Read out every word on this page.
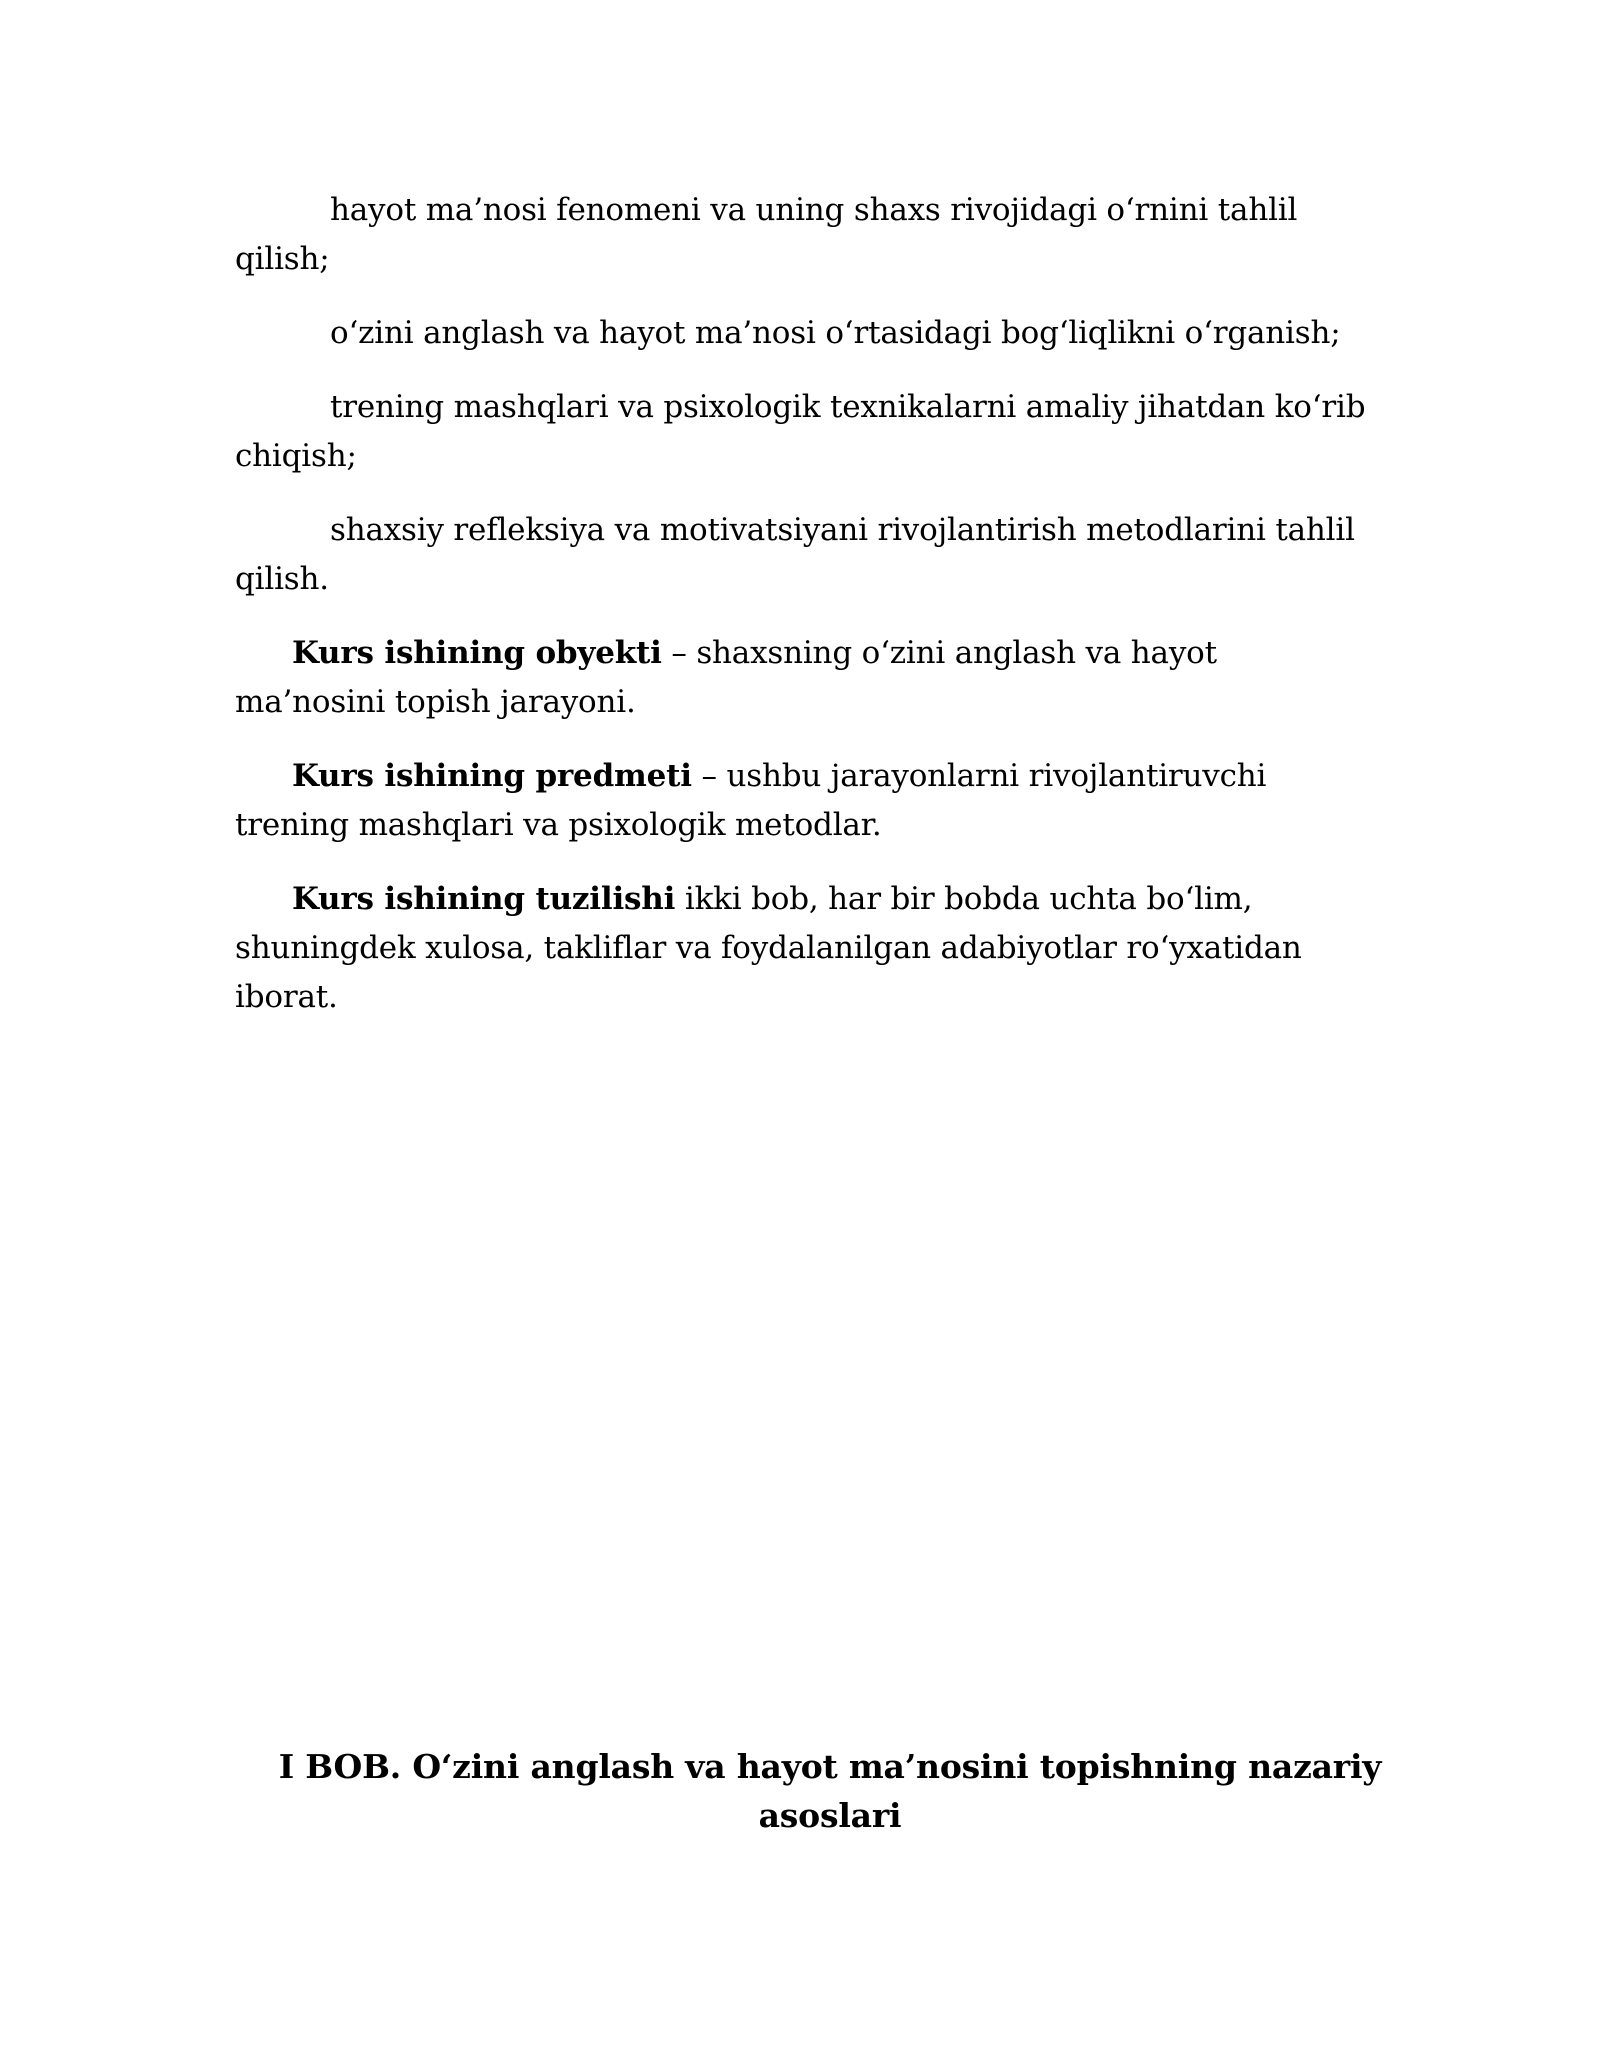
hayot ma’nosi fenomeni va uning shaxs rivojidagi o‘rnini tahlil qilish;

o‘zini anglash va hayot ma’nosi o‘rtasidagi bog‘liqlikni o‘rganish;

trening mashqlari va psixologik texnikalarni amaliy jihatdan ko‘rib chiqish;

shaxsiy refleksiya va motivatsiyani rivojlantirish metodlarini tahlil qilish.

Kurs ishining obyekti – shaxsning o‘zini anglash va hayot ma’nosini topish jarayoni.

Kurs ishining predmeti – ushbu jarayonlarni rivojlantiruvchi trening mashqlari va psixologik metodlar.

Kurs ishining tuzilishi ikki bob, har bir bobda uchta bo‘lim, shuningdek xulosa, takliflar va foydalanilgan adabiyotlar ro‘yxatidan iborat.

I BOB. O‘zini anglash va hayot ma’nosini topishning nazariy asoslari
